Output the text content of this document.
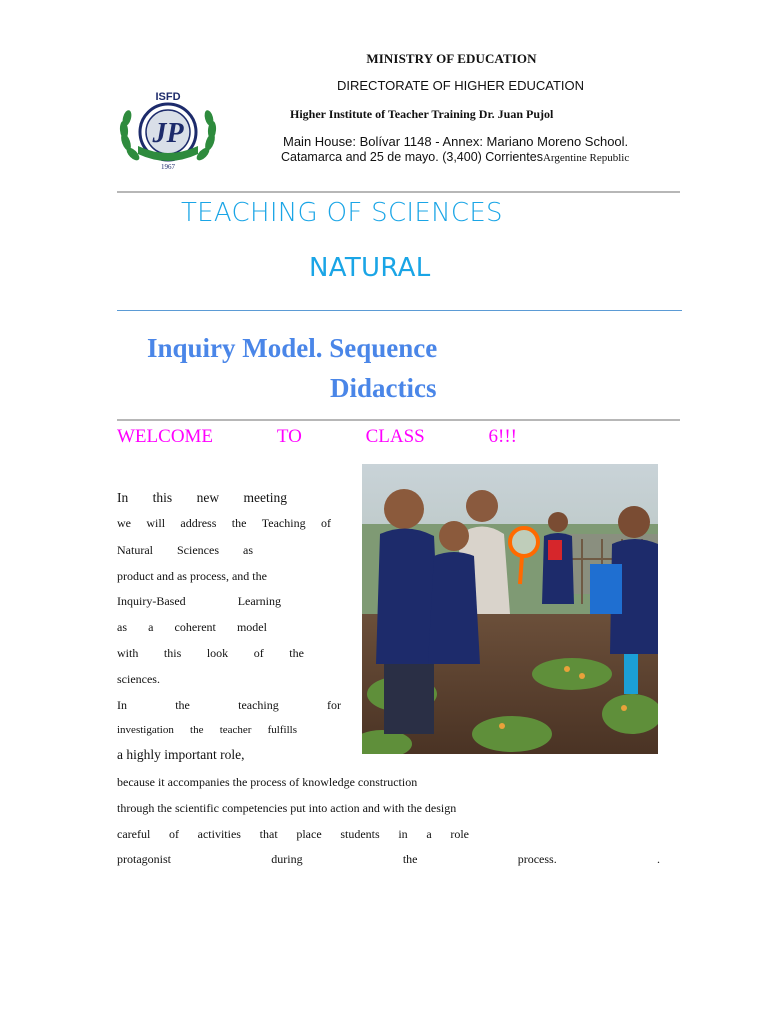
MINISTRY OF EDUCATION
DIRECTORATE OF HIGHER EDUCATION
ISFD
JP
1967
Higher Institute of Teacher Training Dr. Juan Pujol
Main House: Bolívar 1148 - Annex: Mariano Moreno School.
Catamarca and 25 de mayo. (3,400) CorrientesArgentine Republic
TEACHING OF SCIENCES
NATURAL
Inquiry Model. Sequence
Didactics
WELCOME	TO	CLASS	6!!!
In this new meeting
we will address the Teaching of
Natural Sciences as
product and as process, and the
Inquiry-Based	Learning
as a coherent model
with this look of the
sciences.
In	the	teaching	for
investigation the teacher fulfills
a highly important role,
because it accompanies the process of knowledge construction
through the scientific competencies put into action and with the design
careful of activities that place students in a role
protagonist	during	the	process.	.
